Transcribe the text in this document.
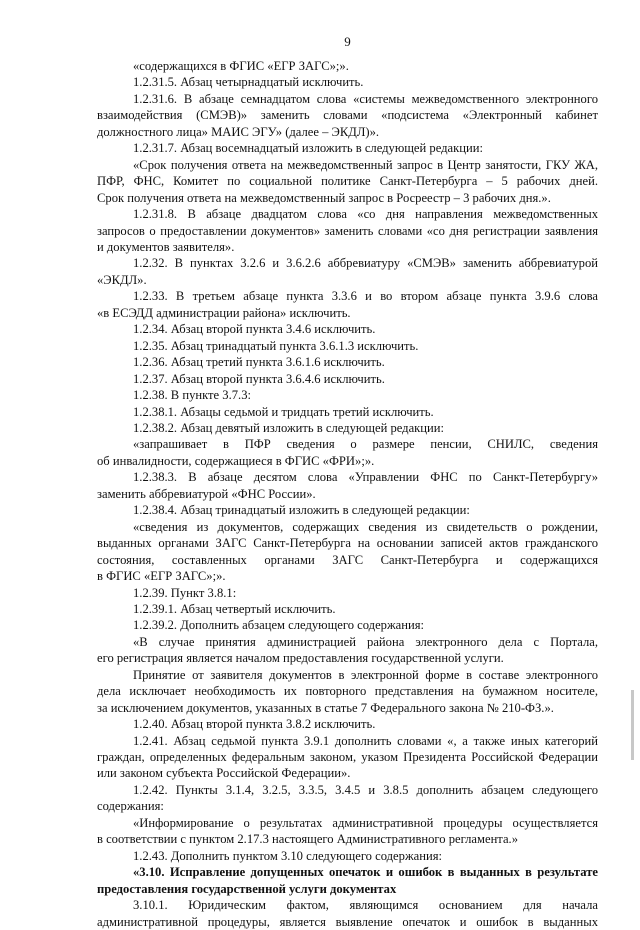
9
«содержащихся в ФГИС «ЕГР ЗАГС»;».
1.2.31.5. Абзац четырнадцатый исключить.
1.2.31.6. В абзаце семнадцатом слова «системы межведомственного электронного
взаимодействия (СМЭВ)» заменить словами «подсистема «Электронный кабинет
должностного лица» МАИС ЭГУ» (далее – ЭКДЛ)».
1.2.31.7. Абзац восемнадцатый изложить в следующей редакции:
«Срок получения ответа на межведомственный запрос в Центр занятости, ГКУ ЖА,
ПФР, ФНС, Комитет по социальной политике Санкт-Петербурга – 5 рабочих дней.
Срок получения ответа на межведомственный запрос в Росреестр – 3 рабочих дня.».
1.2.31.8. В абзаце двадцатом слова «со дня направления межведомственных
запросов о предоставлении документов» заменить словами «со дня регистрации заявления
и документов заявителя».
1.2.32. В пунктах 3.2.6 и 3.6.2.6 аббревиатуру «СМЭВ» заменить аббревиатурой
«ЭКДЛ».
1.2.33. В третьем абзаце пункта 3.3.6 и во втором абзаце пункта 3.9.6 слова
«в ЕСЭДД администрации района» исключить.
1.2.34. Абзац второй пункта 3.4.6 исключить.
1.2.35. Абзац тринадцатый пункта 3.6.1.3 исключить.
1.2.36. Абзац третий пункта 3.6.1.6 исключить.
1.2.37. Абзац второй пункта 3.6.4.6 исключить.
1.2.38. В пункте 3.7.3:
1.2.38.1. Абзацы седьмой и тридцать третий исключить.
1.2.38.2. Абзац девятый изложить в следующей редакции:
«запрашивает в ПФР сведения о размере пенсии, СНИЛС, сведения
об инвалидности, содержащиеся в ФГИС «ФРИ»;».
1.2.38.3. В абзаце десятом слова «Управлении ФНС по Санкт-Петербургу»
заменить аббревиатурой «ФНС России».
1.2.38.4. Абзац тринадцатый изложить в следующей редакции:
«сведения из документов, содержащих сведения из свидетельств о рождении,
выданных органами ЗАГС Санкт-Петербурга на основании записей актов гражданского
состояния, составленных органами ЗАГС Санкт-Петербурга и содержащихся
в ФГИС «ЕГР ЗАГС»;».
1.2.39. Пункт 3.8.1:
1.2.39.1. Абзац четвертый исключить.
1.2.39.2. Дополнить абзацем следующего содержания:
«В случае принятия администрацией района электронного дела с Портала,
его регистрация является началом предоставления государственной услуги.
Принятие от заявителя документов в электронной форме в составе электронного
дела исключает необходимость их повторного представления на бумажном носителе,
за исключением документов, указанных в статье 7 Федерального закона № 210-ФЗ.».
1.2.40. Абзац второй пункта 3.8.2 исключить.
1.2.41. Абзац седьмой пункта 3.9.1 дополнить словами «, а также иных категорий
граждан, определенных федеральным законом, указом Президента Российской Федерации
или законом субъекта Российской Федерации».
1.2.42. Пункты 3.1.4, 3.2.5, 3.3.5, 3.4.5 и 3.8.5 дополнить абзацем следующего
содержания:
«Информирование о результатах административной процедуры осуществляется
в соответствии с пунктом 2.17.3 настоящего Административного регламента.»
1.2.43. Дополнить пунктом 3.10 следующего содержания:
«3.10. Исправление допущенных опечаток и ошибок в выданных в результате
предоставления государственной услуги документах
3.10.1. Юридическим фактом, являющимся основанием для начала
административной процедуры, является выявление опечаток и ошибок в выданных
